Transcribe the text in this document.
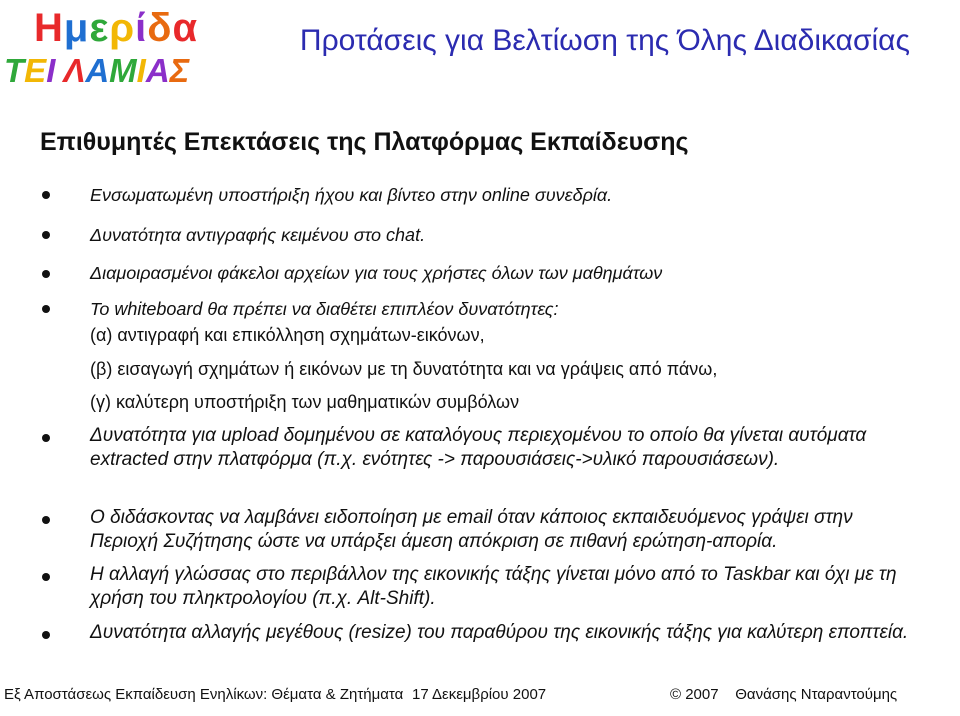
Ημερίδα
ΤΕΙ ΛΑΜΙΑΣ
Προτάσεις για Βελτίωση της Όλης Διαδικασίας
Επιθυμητές Επεκτάσεις της Πλατφόρμας Εκπαίδευσης
Ενσωματωμένη υποστήριξη ήχου και βίντεο στην online συνεδρία.
Δυνατότητα αντιγραφής κειμένου στο chat.
Διαμοιρασμένοι φάκελοι αρχείων για τους χρήστες όλων των μαθημάτων
Το whiteboard θα πρέπει να διαθέτει επιπλέον δυνατότητες:
(α) αντιγραφή και επικόλληση σχημάτων-εικόνων,
(β) εισαγωγή σχημάτων ή εικόνων με τη δυνατότητα και να γράψεις από πάνω,
(γ) καλύτερη υποστήριξη των μαθηματικών συμβόλων
Δυνατότητα για upload δομημένου σε καταλόγους περιεχομένου το οποίο θα γίνεται αυτόματα extracted στην πλατφόρμα (π.χ. ενότητες -> παρουσιάσεις->υλικό παρουσιάσεων).
Ο διδάσκοντας να λαμβάνει ειδοποίηση με email όταν κάποιος εκπαιδευόμενος γράψει στην Περιοχή Συζήτησης ώστε να υπάρξει άμεση απόκριση σε πιθανή ερώτηση-απορία.
Η αλλαγή γλώσσας στο περιβάλλον της εικονικής τάξης γίνεται μόνο από το Taskbar και όχι με τη χρήση του πληκτρολογίου (π.χ. Alt-Shift).
Δυνατότητα αλλαγής μεγέθους (resize) του παραθύρου της εικονικής τάξης για καλύτερη εποπτεία.
Εξ Αποστάσεως Εκπαίδευση Ενηλίκων: Θέματα & Ζητήματα 17 Δεκεμβρίου 2007	© 2007    Θανάσης Νταραντούμης
